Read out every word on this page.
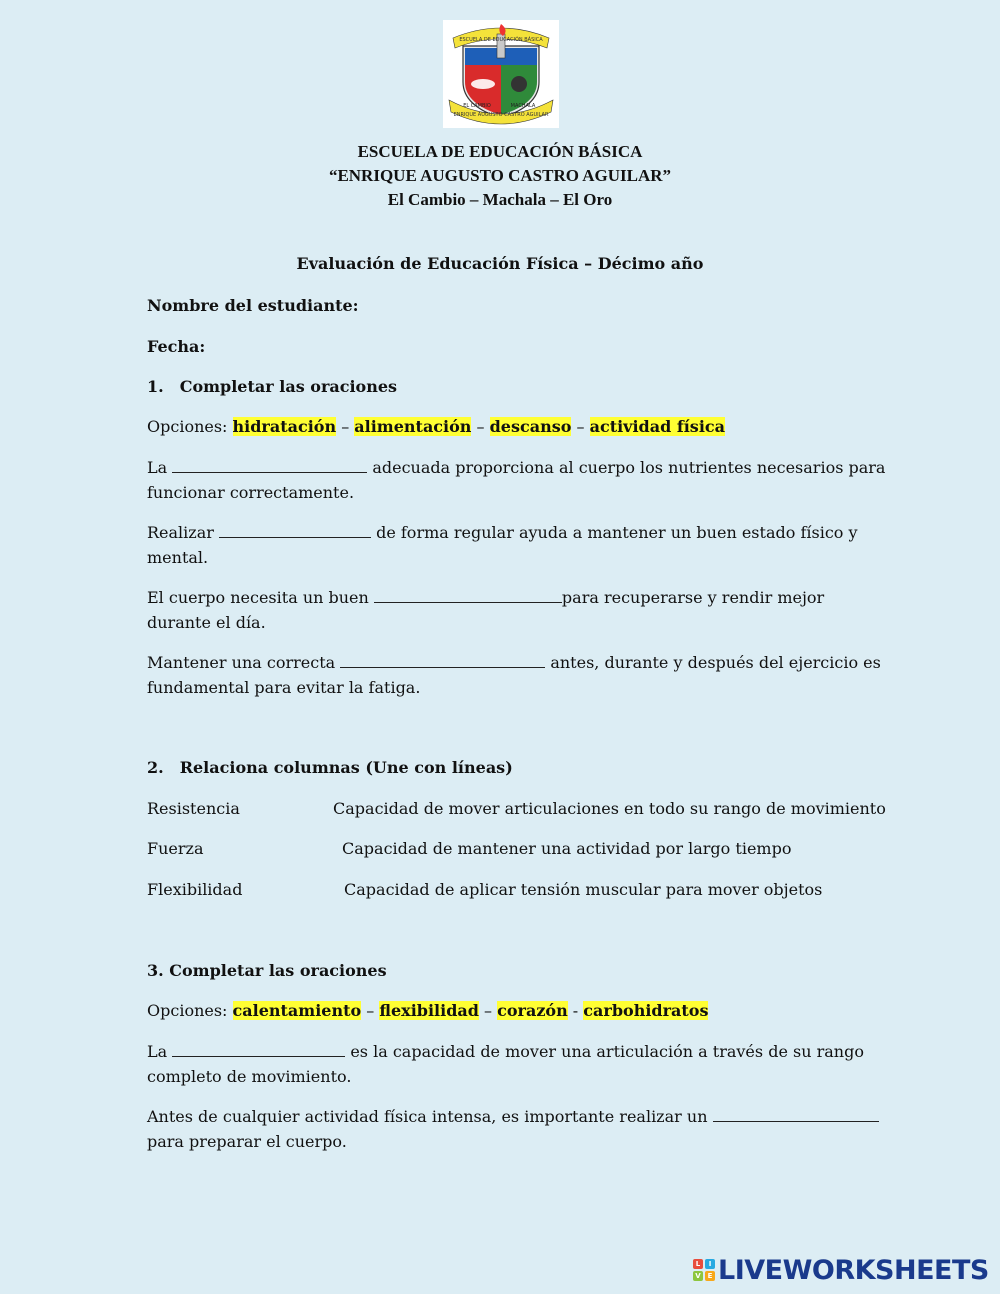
ESCUELA DE EDUCACIÓN BÁSICA
ENRIQUE AUGUSTO CASTRO AGUILAR
EL CAMBIO	MACHALA
ESCUELA DE EDUCACIÓN BÁSICA
“ENRIQUE AUGUSTO CASTRO AGUILAR”
El Cambio – Machala – El Oro
Evaluación de Educación Física – Décimo año
Nombre del estudiante:
Fecha:
1. Completar las oraciones
Opciones: hidratación – alimentación – descanso – actividad física
La	adecuada proporciona al cuerpo los nutrientes necesarios para
funcionar correctamente.
Realizar	de forma regular ayuda a mantener un buen estado físico y
mental.
El cuerpo necesita un buen	para recuperarse y rendir mejor
durante el día.
Mantener una correcta	antes, durante y después del ejercicio es
fundamental para evitar la fatiga.
2. Relaciona columnas (Une con líneas)
Resistencia	Capacidad de mover articulaciones en todo su rango de movimiento
Fuerza	Capacidad de mantener una actividad por largo tiempo
Flexibilidad	Capacidad de aplicar tensión muscular para mover objetos
3. Completar las oraciones
Opciones: calentamiento – flexibilidad – corazón - carbohidratos
La	es la capacidad de mover una articulación a través de su rango
completo de movimiento.
Antes de cualquier actividad física intensa, es importante realizar un
para preparar el cuerpo.
L	I
V E LIVEWORKSHEETS
